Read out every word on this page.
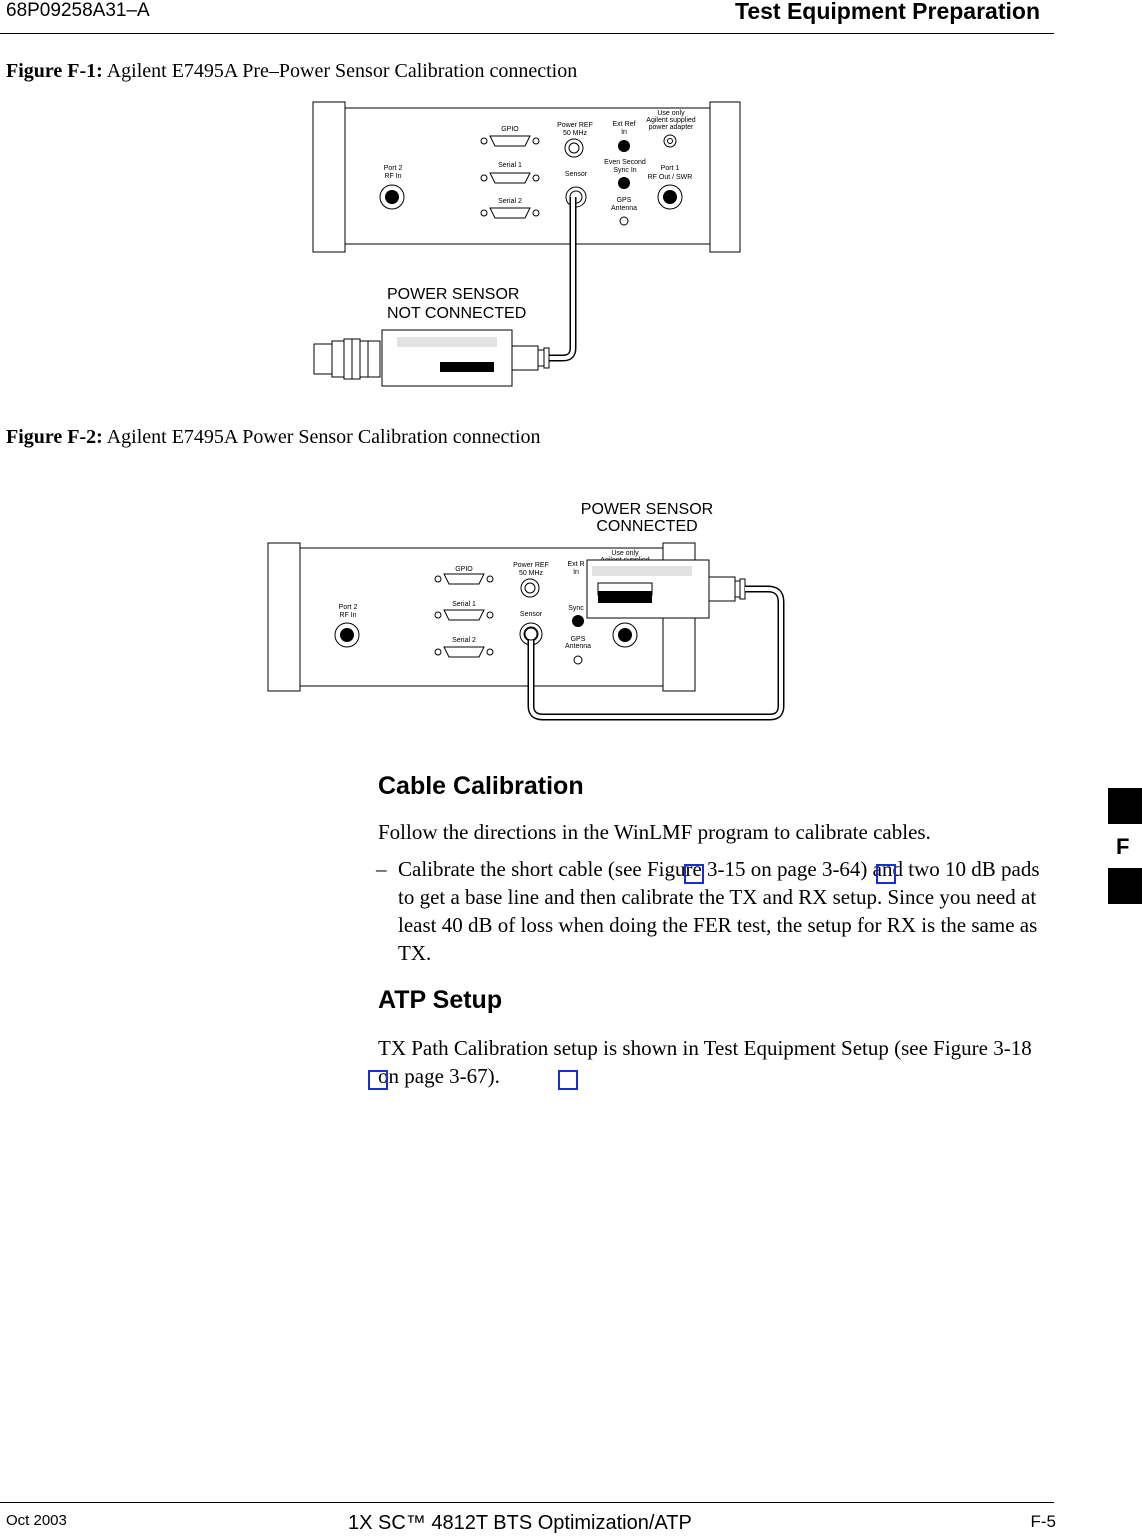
68P09258A31–A	Test Equipment Preparation
Figure F-1: Agilent E7495A Pre–Power Sensor Calibration connection
GPIO
Serial 1
Serial 2
Power REF
50 MHz
Sensor
Ext Ref
In
Even Second
Sync In
GPS
Antenna
Use only
Agilent supplied
power adapter
Port 2
RF In
Port 1
RF Out / SWR
POWER SENSOR
NOT CONNECTED
Figure F-2: Agilent E7495A Power Sensor Calibration connection
POWER SENSOR
CONNECTED
GPIO
Serial 1
Serial 2
Power REF
50 MHz
Sensor
Ext R
In
Sync
GPS
Antenna
Use only
Port 2
RF In
Cable Calibration
Follow the directions in the WinLMF program to calibrate cables.
– Calibrate the short cable (see Figure 3-15 on page 3-64) and two 10 dB pads to get a base line and then calibrate the TX and RX setup. Since you need at least 40 dB of loss when doing the FER test, the setup for RX is the same as TX.
ATP Setup
TX Path Calibration setup is shown in Test Equipment Setup (see Figure 3-18 on page 3-67).
F
Oct 2003	1X SC™ 4812T BTS Optimization/ATP	F-5
